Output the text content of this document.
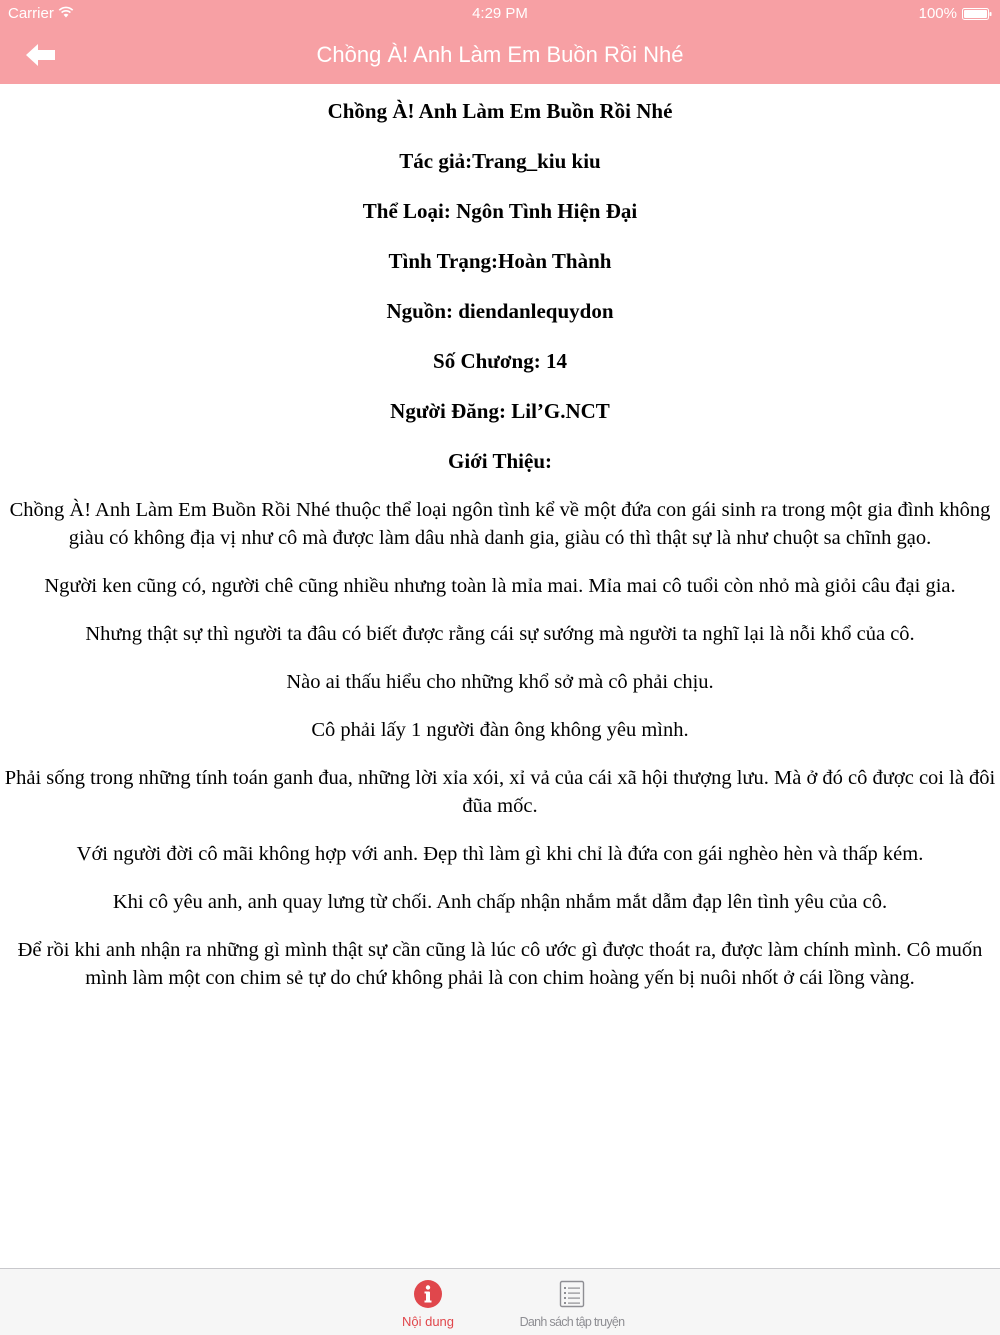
Carrier	4:29 PM	100%
Chồng À! Anh Làm Em Buồn Rồi Nhé

Chồng À! Anh Làm Em Buồn Rồi Nhé

Tác giả:Trang_kiu kiu

Thể Loại: Ngôn Tình Hiện Đại

Tình Trạng:Hoàn Thành

Nguồn: diendanlequydon

Số Chương: 14

Người Đăng: Lil’G.NCT

Giới Thiệu:

Chồng À! Anh Làm Em Buồn Rồi Nhé thuộc thể loại ngôn tình kể về một đứa con gái sinh ra trong một gia đình không giàu có không địa vị như cô mà được làm dâu nhà danh gia, giàu có thì thật sự là như chuột sa chĩnh gạo.

Người ken cũng có, người chê cũng nhiều nhưng toàn là mỉa mai. Mỉa mai cô tuổi còn nhỏ mà giỏi câu đại gia.

Nhưng thật sự thì người ta đâu có biết được rằng cái sự sướng mà người ta nghĩ lại là nỗi khổ của cô.

Nào ai thấu hiểu cho những khổ sở mà cô phải chịu.

Cô phải lấy 1 người đàn ông không yêu mình.

Phải sống trong những tính toán ganh đua, những lời xỉa xói, xỉ vả của cái xã hội thượng lưu. Mà ở đó cô được coi là đôi đũa mốc.

Với người đời cô mãi không hợp với anh. Đẹp thì làm gì khi chỉ là đứa con gái nghèo hèn và thấp kém.

Khi cô yêu anh, anh quay lưng từ chối. Anh chấp nhận nhắm mắt dẫm đạp lên tình yêu của cô.

Để rồi khi anh nhận ra những gì mình thật sự cần cũng là lúc cô ước gì được thoát ra, được làm chính mình. Cô muốn mình làm một con chim sẻ tự do chứ không phải là con chim hoàng yến bị nuôi nhốt ở cái lồng vàng.

Nội dung	Danh sách tập truyện
